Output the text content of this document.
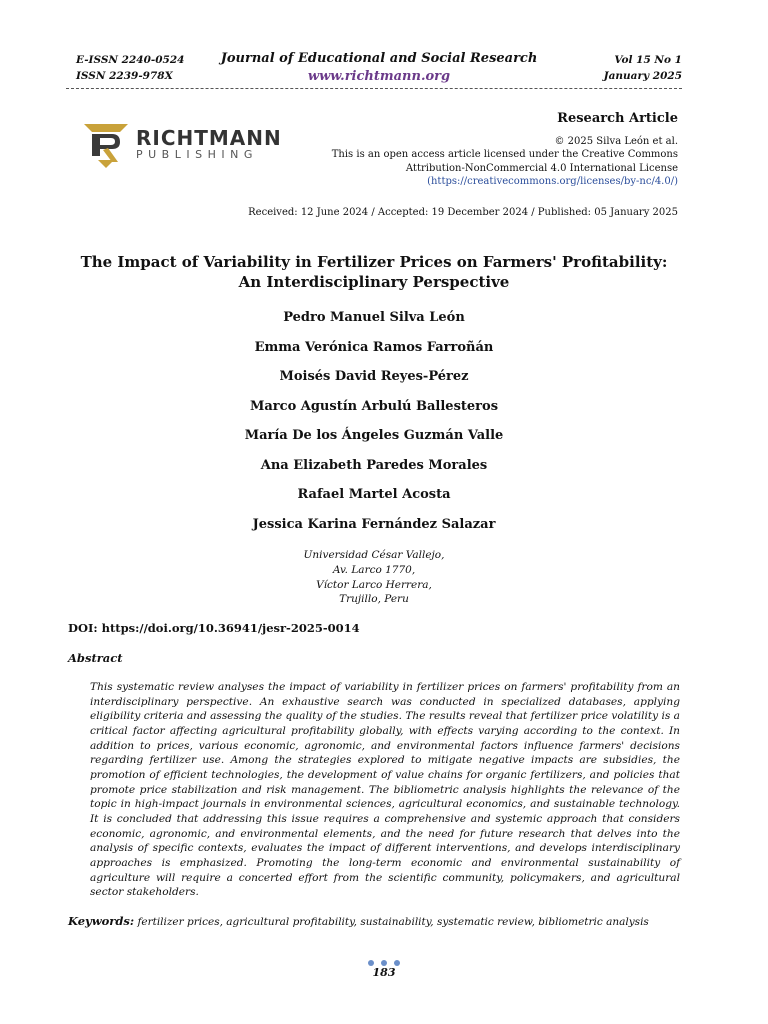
E-ISSN 2240-0524
ISSN 2239-978X
Journal of Educational and Social Research
www.richtmann.org
Vol 15 No 1
January 2025
RICHTMANN
PUBLISHING
Research Article
© 2025 Silva León et al.
This is an open access article licensed under the Creative Commons
Attribution-NonCommercial 4.0 International License
(https://creativecommons.org/licenses/by-nc/4.0/)
Received: 12 June 2024 / Accepted: 19 December 2024 / Published: 05 January 2025
The Impact of Variability in Fertilizer Prices on Farmers' Profitability:
An Interdisciplinary Perspective
Pedro Manuel Silva León
Emma Verónica Ramos Farroñán
Moisés David Reyes-Pérez
Marco Agustín Arbulú Ballesteros
María De los Ángeles Guzmán Valle
Ana Elizabeth Paredes Morales
Rafael Martel Acosta
Jessica Karina Fernández Salazar
Universidad César Vallejo,
Av. Larco 1770,
Víctor Larco Herrera,
Trujillo, Peru
DOI: https://doi.org/10.36941/jesr-2025-0014
Abstract
This systematic review analyses the impact of variability in fertilizer prices on farmers' profitability from an interdisciplinary perspective. An exhaustive search was conducted in specialized databases, applying eligibility criteria and assessing the quality of the studies. The results reveal that fertilizer price volatility is a critical factor affecting agricultural profitability globally, with effects varying according to the context. In addition to prices, various economic, agronomic, and environmental factors influence farmers' decisions regarding fertilizer use. Among the strategies explored to mitigate negative impacts are subsidies, the promotion of efficient technologies, the development of value chains for organic fertilizers, and policies that promote price stabilization and risk management. The bibliometric analysis highlights the relevance of the topic in high-impact journals in environmental sciences, agricultural economics, and sustainable technology. It is concluded that addressing this issue requires a comprehensive and systemic approach that considers economic, agronomic, and environmental elements, and the need for future research that delves into the analysis of specific contexts, evaluates the impact of different interventions, and develops interdisciplinary approaches is emphasized. Promoting the long-term economic and environmental sustainability of agriculture will require a concerted effort from the scientific community, policymakers, and agricultural sector stakeholders.
Keywords: fertilizer prices, agricultural profitability, sustainability, systematic review, bibliometric analysis
183
